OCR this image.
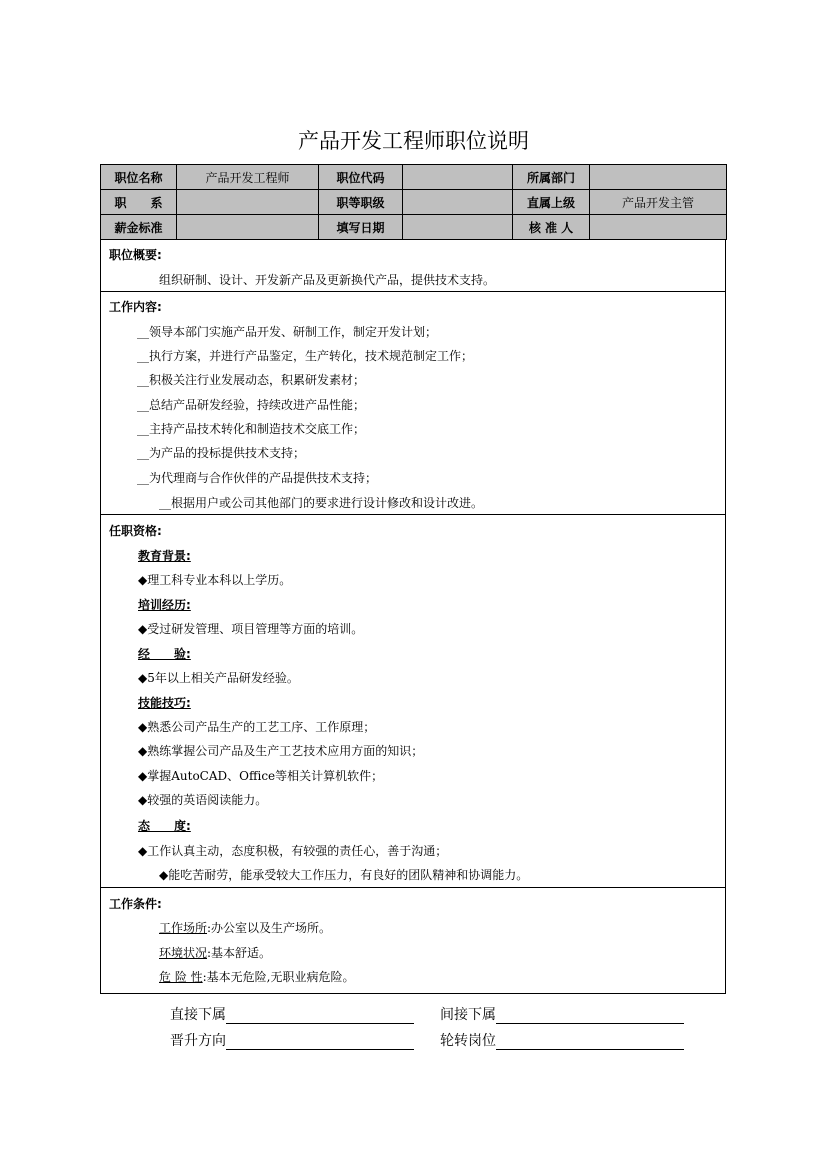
产品开发工程师职位说明
职位名称	产品开发工程师	职位代码		所属部门	
职　　系		职等职级		直属上级	产品开发主管
薪金标准		填写日期		核 准 人	
职位概要:
组织研制、设计、开发新产品及更新换代产品，提供技术支持。
工作内容:
__领导本部门实施产品开发、研制工作，制定开发计划；
__执行方案，并进行产品鉴定，生产转化，技术规范制定工作；
__积极关注行业发展动态，积累研发素材；
__总结产品研发经验，持续改进产品性能；
__主持产品技术转化和制造技术交底工作；
__为产品的投标提供技术支持；
__为代理商与合作伙伴的产品提供技术支持；
__根据用户或公司其他部门的要求进行设计修改和设计改进。
任职资格:
教育背景:
◆理工科专业本科以上学历。
培训经历:
◆受过研发管理、项目管理等方面的培训。
经　　验:
◆5年以上相关产品研发经验。
技能技巧:
◆熟悉公司产品生产的工艺工序、工作原理；
◆熟练掌握公司产品及生产工艺技术应用方面的知识；
◆掌握AutoCAD、Office等相关计算机软件；
◆较强的英语阅读能力。
态　　度:
◆工作认真主动，态度积极，有较强的责任心，善于沟通；
◆能吃苦耐劳，能承受较大工作压力，有良好的团队精神和协调能力。
工作条件:
工作场所:办公室以及生产场所。
环境状况:基本舒适。
危 险 性:基本无危险,无职业病危险。
直接下属	间接下属
晋升方向	轮转岗位
